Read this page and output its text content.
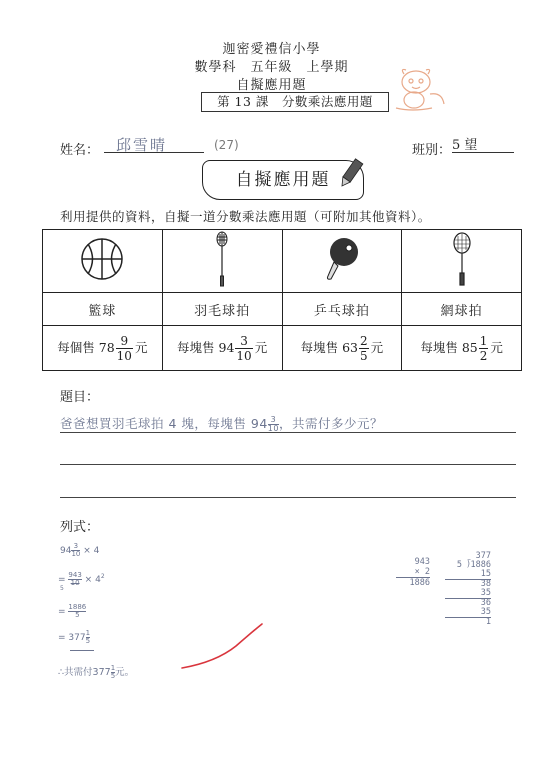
迦密愛禮信小學
數學科　五年級　上學期
自擬應用題
第 13 課　分數乘法應用題
姓名：	邱雪晴	(27)	班別： 5 望
自擬應用題
利用提供的資料，自擬一道分數乘法應用題（可附加其他資料）。

籃球	羽毛球拍	乒乓球拍	網球拍
每個售 $78 \frac{9}{10}$ 元	每塊售 $94 \frac{3}{10}$ 元	每塊售 $63 \frac{2}{5}$ 元	每塊售 $85 \frac{1}{2}$ 元
題目：
爸爸想買羽毛球拍 4 塊，每塊售 $94 \frac{3}{10}$ ，共需付多少元？
列式：
$94 \frac{3}{10} \times 4$
= $\frac{943}{10} \times 4^2$
5
= $\frac{1886}{5}$
= $377 \frac{1}{5}$
∴共需付$377 \frac{1}{5}$ 元。
943
× 2
1886
377
5 ⟌1886
15
38
35
36
35
1
